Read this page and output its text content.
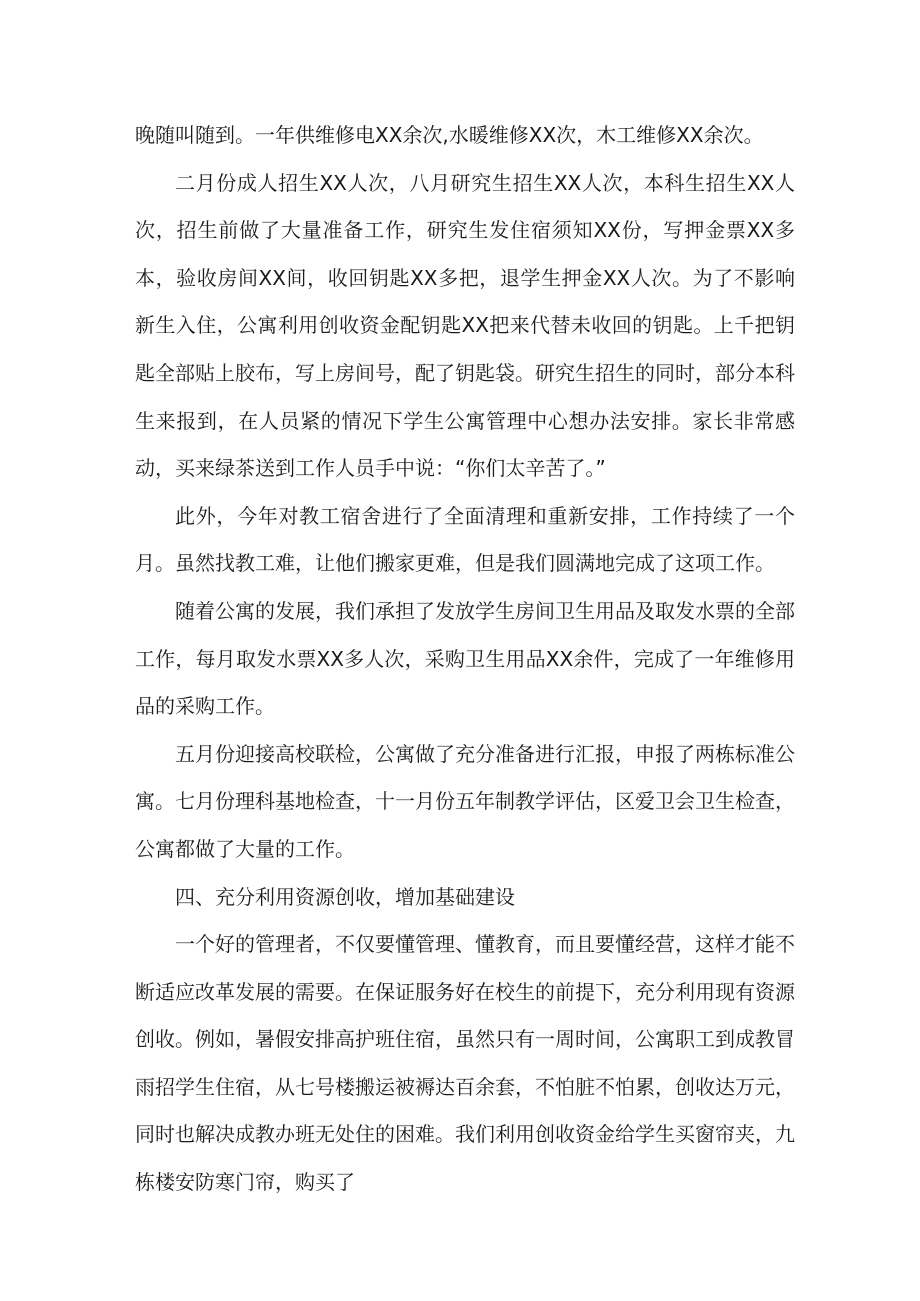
晚随叫随到。一年供维修电XX余次,水暖维修XX次，木工维修XX余次。

二月份成人招生XX人次，八月研究生招生XX人次，本科生招生XX人次，招生前做了大量准备工作，研究生发住宿须知XX份，写押金票XX多本，验收房间XX间，收回钥匙XX多把，退学生押金XX人次。为了不影响新生入住，公寓利用创收资金配钥匙XX把来代替未收回的钥匙。上千把钥匙全部贴上胶布，写上房间号，配了钥匙袋。研究生招生的同时，部分本科生来报到，在人员紧的情况下学生公寓管理中心想办法安排。家长非常感动，买来绿茶送到工作人员手中说：“你们太辛苦了。”

此外，今年对教工宿舍进行了全面清理和重新安排，工作持续了一个月。虽然找教工难，让他们搬家更难，但是我们圆满地完成了这项工作。

随着公寓的发展，我们承担了发放学生房间卫生用品及取发水票的全部工作，每月取发水票XX多人次，采购卫生用品XX余件，完成了一年维修用品的采购工作。

五月份迎接高校联检，公寓做了充分准备进行汇报，申报了两栋标准公寓。七月份理科基地检查，十一月份五年制教学评估，区爱卫会卫生检查，公寓都做了大量的工作。

四、充分利用资源创收，增加基础建设

一个好的管理者，不仅要懂管理、懂教育，而且要懂经营，这样才能不断适应改革发展的需要。在保证服务好在校生的前提下，充分利用现有资源创收。例如，暑假安排高护班住宿，虽然只有一周时间，公寓职工到成教冒雨招学生住宿，从七号楼搬运被褥达百余套，不怕脏不怕累，创收达万元，同时也解决成教办班无处住的困难。我们利用创收资金给学生买窗帘夹，九栋楼安防寒门帘，购买了
